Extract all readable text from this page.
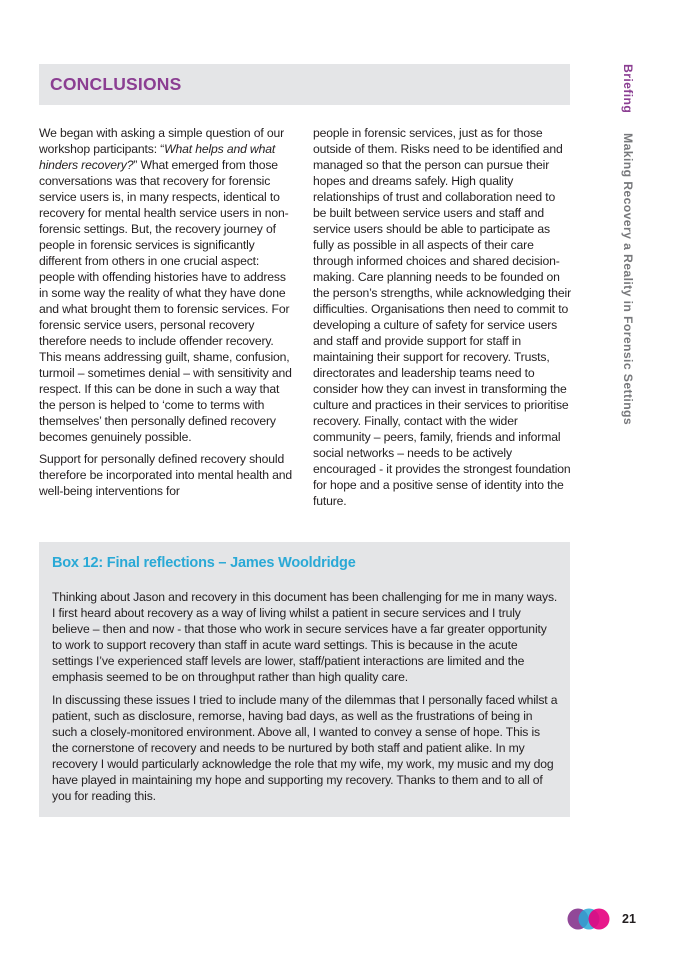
CONCLUSIONS

We began with asking a simple question of our workshop participants: “What helps and what hinders recovery?” What emerged from those conversations was that recovery for forensic service users is, in many respects, identical to recovery for mental health service users in non-forensic settings. But, the recovery journey of people in forensic services is significantly different from others in one crucial aspect: people with offending histories have to address in some way the reality of what they have done and what brought them to forensic services. For forensic service users, personal recovery therefore needs to include offender recovery. This means addressing guilt, shame, confusion, turmoil – sometimes denial – with sensitivity and respect. If this can be done in such a way that the person is helped to ‘come to terms with themselves’ then personally defined recovery becomes genuinely possible.

Support for personally defined recovery should therefore be incorporated into mental health and well-being interventions for

people in forensic services, just as for those outside of them. Risks need to be identified and managed so that the person can pursue their hopes and dreams safely. High quality relationships of trust and collaboration need to be built between service users and staff and service users should be able to participate as fully as possible in all aspects of their care through informed choices and shared decision-making. Care planning needs to be founded on the person’s strengths, while acknowledging their difficulties. Organisations then need to commit to developing a culture of safety for service users and staff and provide support for staff in maintaining their support for recovery. Trusts, directorates and leadership teams need to consider how they can invest in transforming the culture and practices in their services to prioritise recovery. Finally, contact with the wider community – peers, family, friends and informal social networks – needs to be actively encouraged - it provides the strongest foundation for hope and a positive sense of identity into the future.

Box 12: Final reflections – James Wooldridge

Thinking about Jason and recovery in this document has been challenging for me in many ways. I first heard about recovery as a way of living whilst a patient in secure services and I truly believe – then and now - that those who work in secure services have a far greater opportunity to work to support recovery than staff in acute ward settings. This is because in the acute settings I’ve experienced staff levels are lower, staff/patient interactions are limited and the emphasis seemed to be on throughput rather than high quality care.

In discussing these issues I tried to include many of the dilemmas that I personally faced whilst a patient, such as disclosure, remorse, having bad days, as well as the frustrations of being in such a closely-monitored environment. Above all, I wanted to convey a sense of hope. This is the cornerstone of recovery and needs to be nurtured by both staff and patient alike. In my recovery I would particularly acknowledge the role that my wife, my work, my music and my dog have played in maintaining my hope and supporting my recovery. Thanks to them and to all of you for reading this.

Briefing Making Recovery a Reality in Forensic Settings
21
